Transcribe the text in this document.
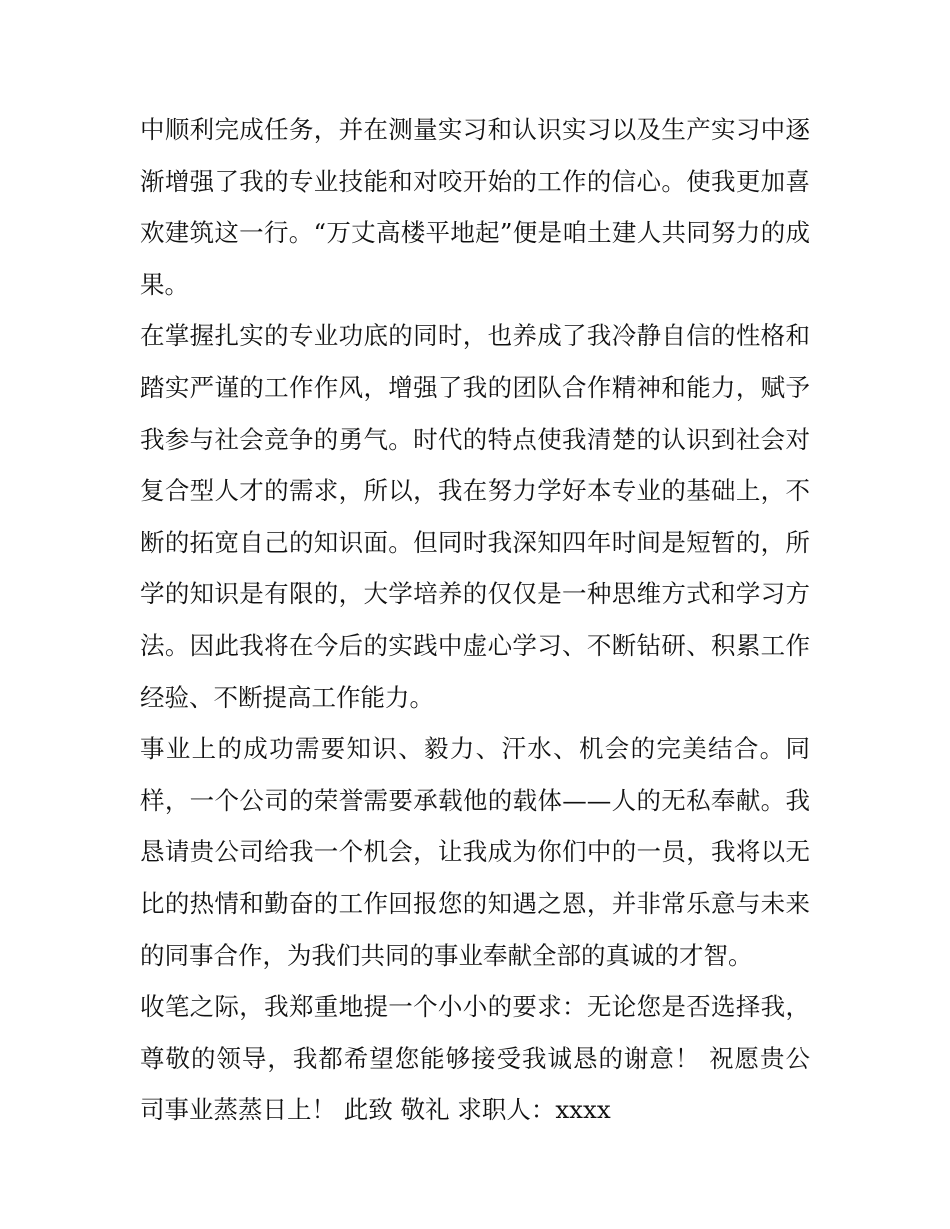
中顺利完成任务，并在测量实习和认识实习以及生产实习中逐
渐增强了我的专业技能和对咬开始的工作的信心。使我更加喜
欢建筑这一行。“万丈高楼平地起”便是咱土建人共同努力的成
果。
在掌握扎实的专业功底的同时，也养成了我冷静自信的性格和
踏实严谨的工作作风，增强了我的团队合作精神和能力，赋予
我参与社会竞争的勇气。时代的特点使我清楚的认识到社会对
复合型人才的需求，所以，我在努力学好本专业的基础上，不
断的拓宽自己的知识面。但同时我深知四年时间是短暂的，所
学的知识是有限的，大学培养的仅仅是一种思维方式和学习方
法。因此我将在今后的实践中虚心学习、不断钻研、积累工作
经验、不断提高工作能力。
事业上的成功需要知识、毅力、汗水、机会的完美结合。同
样，一个公司的荣誉需要承载他的载体——人的无私奉献。我
恳请贵公司给我一个机会，让我成为你们中的一员，我将以无
比的热情和勤奋的工作回报您的知遇之恩，并非常乐意与未来
的同事合作，为我们共同的事业奉献全部的真诚的才智。
收笔之际，我郑重地提一个小小的要求：无论您是否选择我，
尊敬的领导，我都希望您能够接受我诚恳的谢意！ 祝愿贵公
司事业蒸蒸日上！ 此致 敬礼 求职人：xxxx
